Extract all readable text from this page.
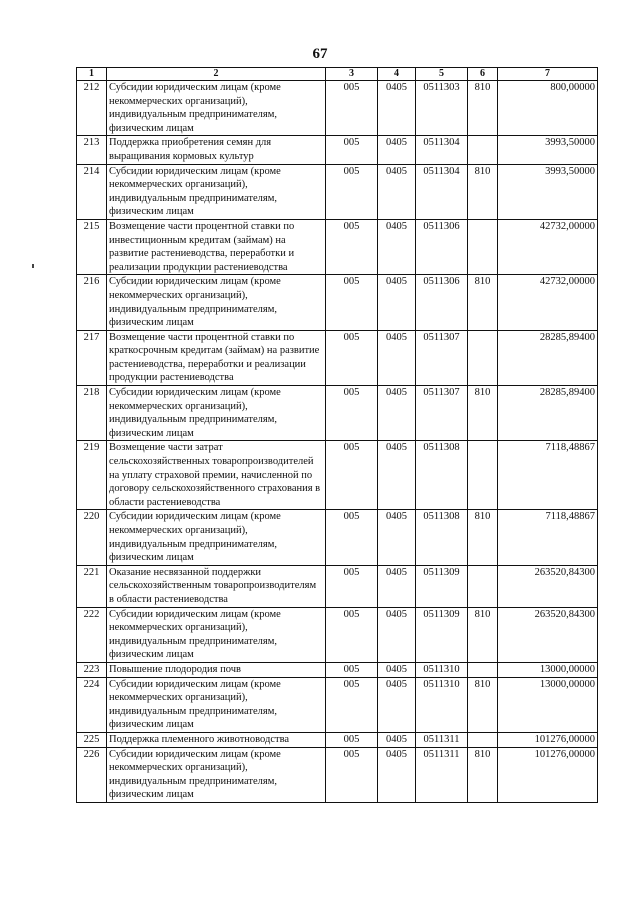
67
1	2	3	4	5	6	7
212	Субсидии юридическим лицам (кроме некоммерческих организаций), индивидуальным предпринимателям, физическим лицам	005	0405	0511303	810	800,00000
213	Поддержка приобретения семян для выращивания кормовых культур	005	0405	0511304		3993,50000
214	Субсидии юридическим лицам (кроме некоммерческих организаций), индивидуальным предпринимателям, физическим лицам	005	0405	0511304	810	3993,50000
215	Возмещение части процентной ставки по инвестиционным кредитам (займам) на развитие растениеводства, переработки и реализации продукции растениеводства	005	0405	0511306		42732,00000
216	Субсидии юридическим лицам (кроме некоммерческих организаций), индивидуальным предпринимателям, физическим лицам	005	0405	0511306	810	42732,00000
217	Возмещение части процентной ставки по краткосрочным кредитам (займам) на развитие растениеводства, переработки и реализации продукции растениеводства	005	0405	0511307		28285,89400
218	Субсидии юридическим лицам (кроме некоммерческих организаций), индивидуальным предпринимателям, физическим лицам	005	0405	0511307	810	28285,89400
219	Возмещение части затрат сельскохозяйственных товаропроизводителей на уплату страховой премии, начисленной по договору сельскохозяйственного страхования в области растениеводства	005	0405	0511308		7118,48867
220	Субсидии юридическим лицам (кроме некоммерческих организаций), индивидуальным предпринимателям, физическим лицам	005	0405	0511308	810	7118,48867
221	Оказание несвязанной поддержки сельскохозяйственным товаропроизводителям в области растениеводства	005	0405	0511309		263520,84300
222	Субсидии юридическим лицам (кроме некоммерческих организаций), индивидуальным предпринимателям, физическим лицам	005	0405	0511309	810	263520,84300
223	Повышение плодородия почв	005	0405	0511310		13000,00000
224	Субсидии юридическим лицам (кроме некоммерческих организаций), индивидуальным предпринимателям, физическим лицам	005	0405	0511310	810	13000,00000
225	Поддержка племенного животноводства	005	0405	0511311		101276,00000
226	Субсидии юридическим лицам (кроме некоммерческих организаций), индивидуальным предпринимателям, физическим лицам	005	0405	0511311	810	101276,00000
